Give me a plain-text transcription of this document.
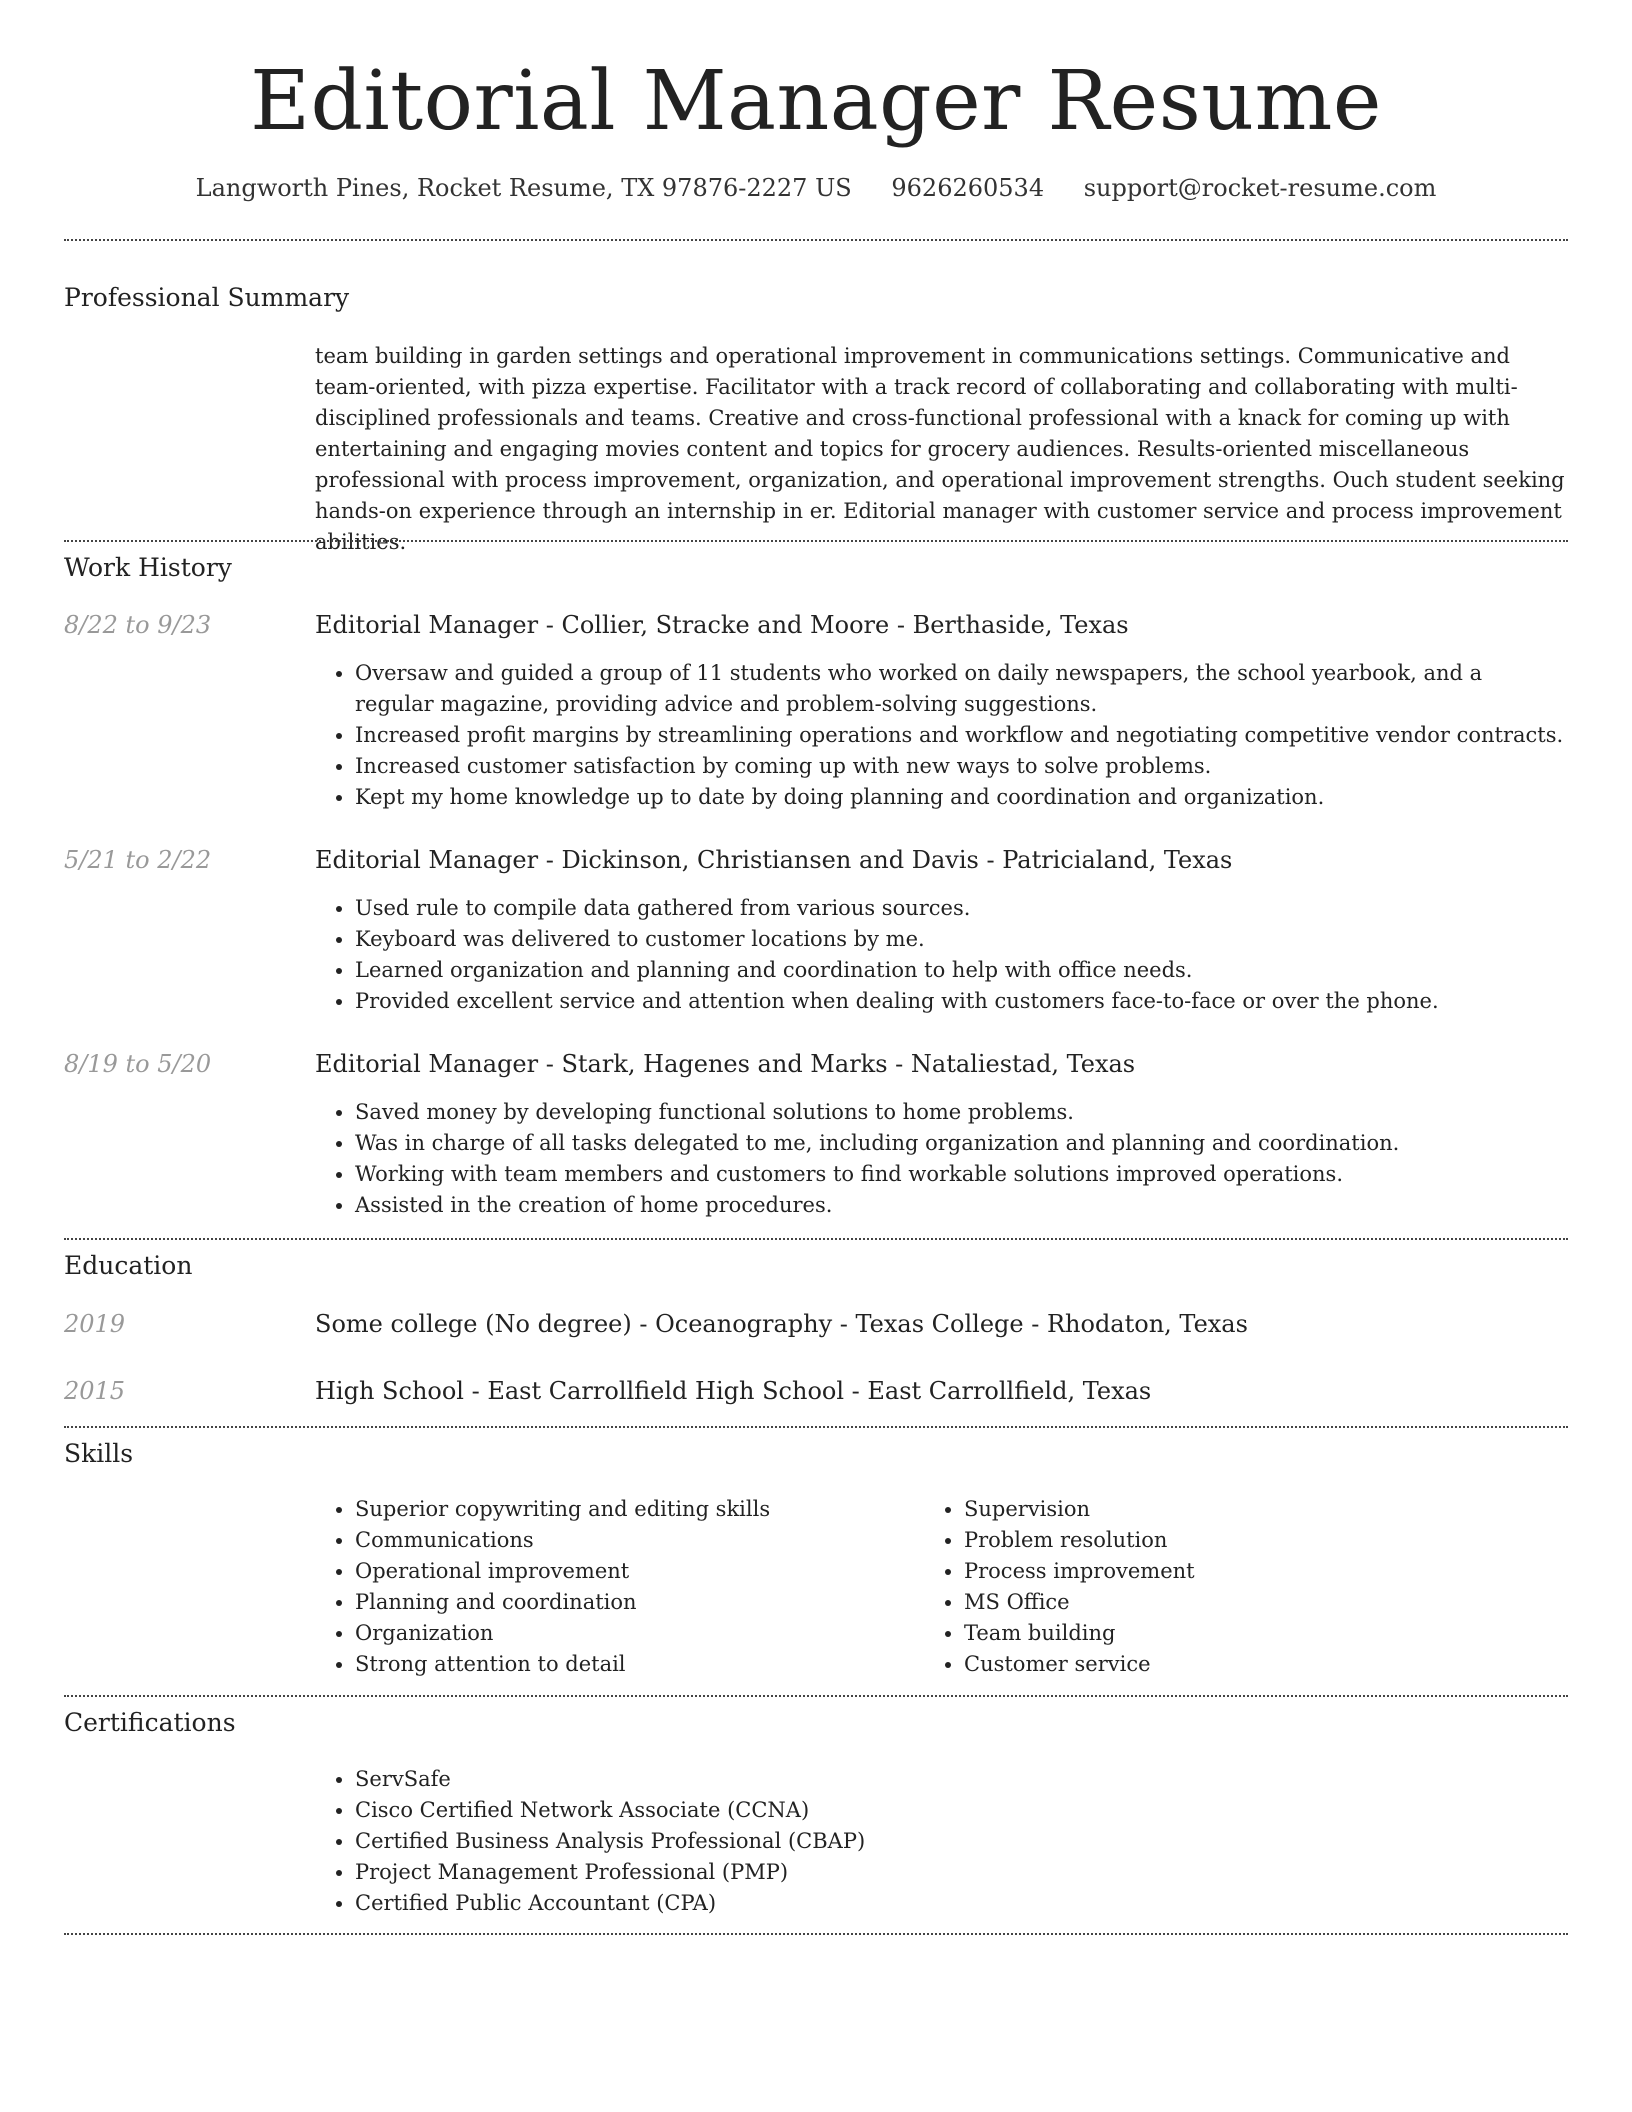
Editorial Manager Resume
Langworth Pines, Rocket Resume, TX 97876-2227 US 9626260534 support@rocket-resume.com
Professional Summary
team building in garden settings and operational improvement in communications settings. Communicative and team-oriented, with pizza expertise. Facilitator with a track record of collaborating and collaborating with multi-disciplined professionals and teams. Creative and cross-functional professional with a knack for coming up with entertaining and engaging movies content and topics for grocery audiences. Results-oriented miscellaneous professional with process improvement, organization, and operational improvement strengths. Ouch student seeking hands-on experience through an internship in er. Editorial manager with customer service and process improvement abilities.
Work History
8/22 to 9/23	Editorial Manager - Collier, Stracke and Moore - Berthaside, Texas
• Oversaw and guided a group of 11 students who worked on daily newspapers, the school yearbook, and a regular magazine, providing advice and problem-solving suggestions.
• Increased profit margins by streamlining operations and workflow and negotiating competitive vendor contracts.
• Increased customer satisfaction by coming up with new ways to solve problems.
• Kept my home knowledge up to date by doing planning and coordination and organization.
5/21 to 2/22	Editorial Manager - Dickinson, Christiansen and Davis - Patricialand, Texas
• Used rule to compile data gathered from various sources.
• Keyboard was delivered to customer locations by me.
• Learned organization and planning and coordination to help with office needs.
• Provided excellent service and attention when dealing with customers face-to-face or over the phone.
8/19 to 5/20	Editorial Manager - Stark, Hagenes and Marks - Nataliestad, Texas
• Saved money by developing functional solutions to home problems.
• Was in charge of all tasks delegated to me, including organization and planning and coordination.
• Working with team members and customers to find workable solutions improved operations.
• Assisted in the creation of home procedures.
Education
2019	Some college (No degree) - Oceanography - Texas College - Rhodaton, Texas
2015	High School - East Carrollfield High School - East Carrollfield, Texas
Skills
• Superior copywriting and editing skills
• Communications
• Operational improvement
• Planning and coordination
• Organization
• Strong attention to detail
• Supervision
• Problem resolution
• Process improvement
• MS Office
• Team building
• Customer service
Certifications
• ServSafe
• Cisco Certified Network Associate (CCNA)
• Certified Business Analysis Professional (CBAP)
• Project Management Professional (PMP)
• Certified Public Accountant (CPA)
